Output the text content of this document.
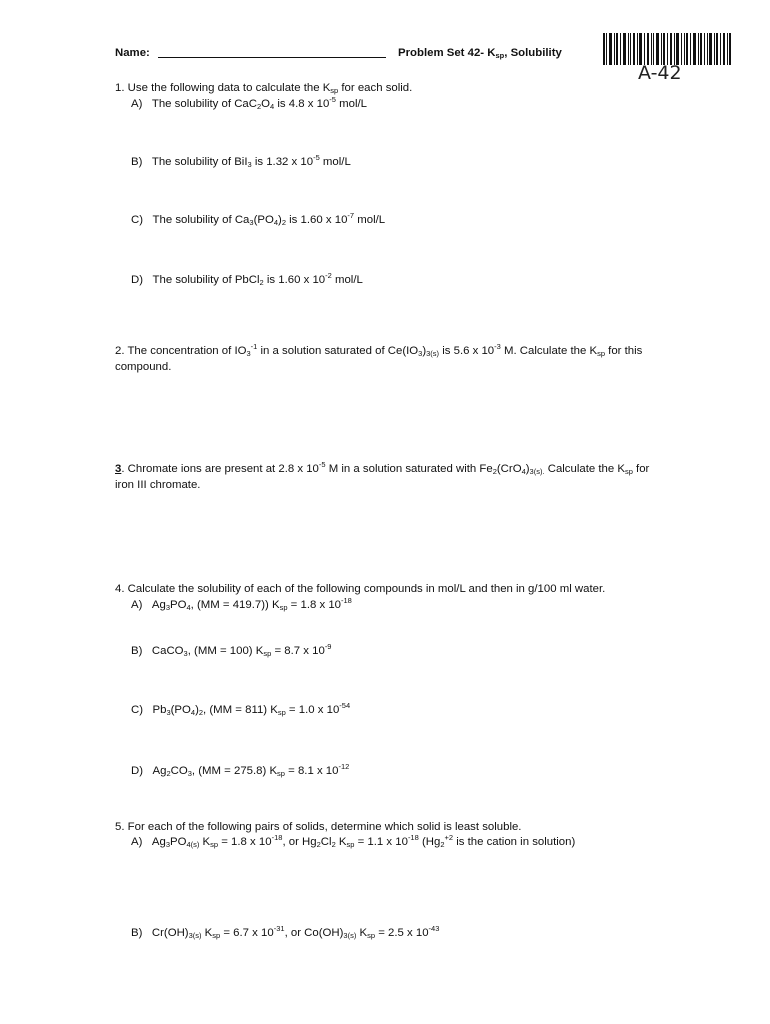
Name:	Problem Set 42- $K_{sp}$, Solubility
A-42
1. Use the following data to calculate the $K_{sp}$ for each solid.
A) The solubility of $CaC_2O_4$ is 4.8 x $10^{-5}$ mol/L
B) The solubility of BiI$_3$ is 1.32 x $10^{-5}$ mol/L
C) The solubility of $Ca_3(PO_4)_2$ is 1.60 x $10^{-7}$ mol/L
D) The solubility of PbCl$_2$ is 1.60 x $10^{-2}$ mol/L
2. The concentration of $IO_3^{-1}$ in a solution saturated of $Ce(IO_3)_{3(s)}$ is 5.6 x $10^{-3}$ M. Calculate the $K_{sp}$ for this
compound.
3. Chromate ions are present at 2.8 x $10^{-5}$ M in a solution saturated with $Fe_2(CrO_4)_{3(s).}$ Calculate the $K_{sp}$ for
iron III chromate.
4. Calculate the solubility of each of the following compounds in mol/L and then in g/100 ml water.
A) $Ag_3PO_4$, (MM = 419.7)) $K_{sp} = 1.8$ x $10^{-18}$
B) CaCO$_3$, (MM = 100) $K_{sp} = 8.7$ x $10^{-9}$
C) $Pb_3(PO_4)_2$, (MM = 811) $K_{sp} = 1.0$ x $10^{-54}$
D) $Ag_2CO_3$, (MM = 275.8) $K_{sp} = 8.1$ x $10^{-12}$
5. For each of the following pairs of solids, determine which solid is least soluble.
A) $Ag_3PO_{4(s)}$ $K_{sp} = 1.8$ x $10^{-18}$, or $Hg_2Cl_2$ $K_{sp} = 1.1$ x $10^{-18}$ ($Hg_2^{+2}$ is the cation in solution)
B) $Cr(OH)_{3(s)}$ $K_{sp} = 6.7$ x $10^{-31}$, or $Co(OH)_{3(s)}$ $K_{sp} = 2.5$ x $10^{-43}$
